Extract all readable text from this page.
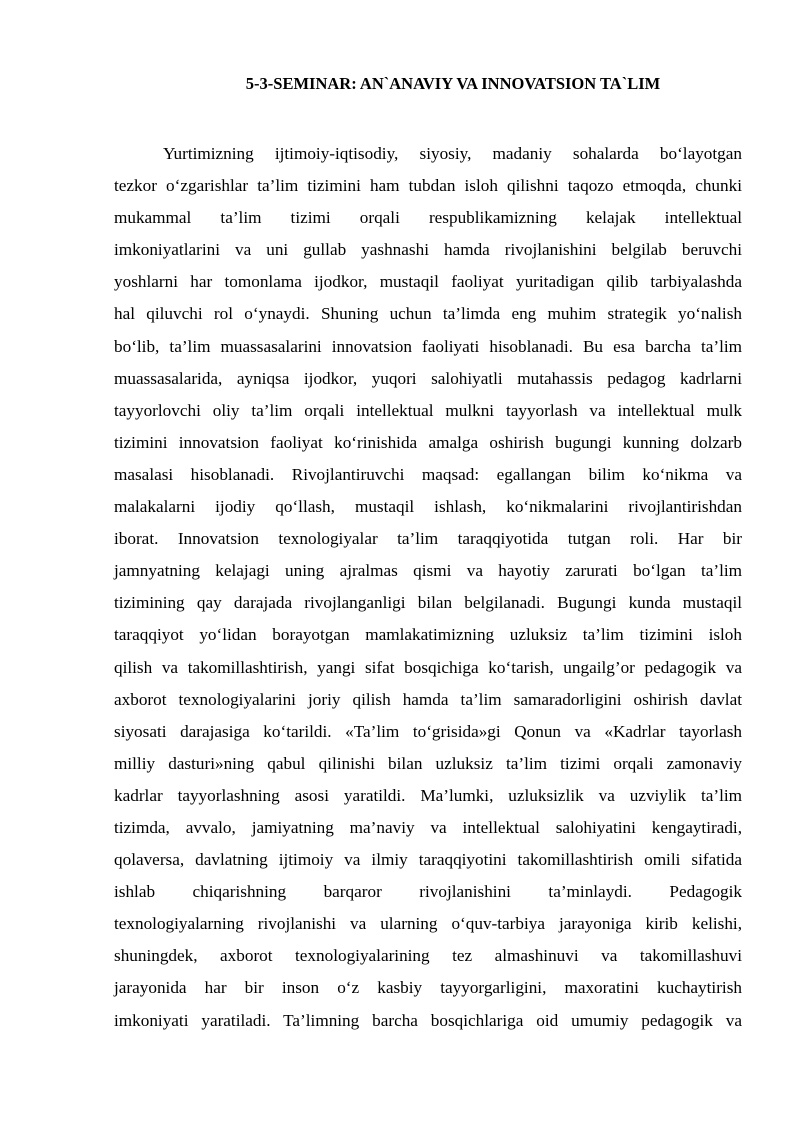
5-3-SEMINAR: AN`ANAVIY VA INNOVATSION TA`LIM
Yurtimizning ijtimoiy-iqtisodiy, siyosiy, madaniy sohalarda bo‘layotgan
tezkor o‘zgarishlar ta’lim tizimini ham tubdan isloh qilishni taqozo etmoqda, chunki
mukammal ta’lim tizimi orqali respublikamizning kelajak intellektual
imkoniyatlarini va uni gullab yashnashi hamda rivojlanishini belgilab beruvchi
yoshlarni har tomonlama ijodkor, mustaqil faoliyat yuritadigan qilib tarbiyalashda
hal qiluvchi rol o‘ynaydi. Shuning uchun ta’limda eng muhim strategik yo‘nalish
bo‘lib, ta’lim muassasalarini innovatsion faoliyati hisoblanadi. Bu esa barcha ta’lim
muassasalarida, ayniqsa ijodkor, yuqori salohiyatli mutahassis pedagog kadrlarni
tayyorlovchi oliy ta’lim orqali intellektual mulkni tayyorlash va intellektual mulk
tizimini innovatsion faoliyat ko‘rinishida amalga oshirish bugungi kunning dolzarb
masalasi hisoblanadi. Rivojlantiruvchi maqsad: egallangan bilim ko‘nikma va
malakalarni ijodiy qo‘llash, mustaqil ishlash, ko‘nikmalarini rivojlantirishdan
iborat. Innovatsion texnologiyalar ta’lim taraqqiyotida tutgan roli. Har bir
jamnyatning kelajagi uning ajralmas qismi va hayotiy zarurati bo‘lgan ta’lim
tizimining qay darajada rivojlanganligi bilan belgilanadi. Bugungi kunda mustaqil
taraqqiyot yo‘lidan borayotgan mamlakatimizning uzluksiz ta’lim tizimini isloh
qilish va takomillashtirish, yangi sifat bosqichiga ko‘tarish, ungailg’or pedagogik va
axborot texnologiyalarini joriy qilish hamda ta’lim samaradorligini oshirish davlat
siyosati darajasiga ko‘tarildi. «Ta’lim to‘grisida»gi Qonun va «Kadrlar tayorlash
milliy dasturi»ning qabul qilinishi bilan uzluksiz ta’lim tizimi orqali zamonaviy
kadrlar tayyorlashning asosi yaratildi. Ma’lumki, uzluksizlik va uzviylik ta’lim
tizimda, avvalo, jamiyatning ma’naviy va intellektual salohiyatini kengaytiradi,
qolaversa, davlatning ijtimoiy va ilmiy taraqqiyotini takomillashtirish omili sifatida
ishlab chiqarishning barqaror rivojlanishini ta’minlaydi. Pedagogik
texnologiyalarning rivojlanishi va ularning o‘quv-tarbiya jarayoniga kirib kelishi,
shuningdek, axborot texnologiyalarining tez almashinuvi va takomillashuvi
jarayonida har bir inson o‘z kasbiy tayyorgarligini, maxoratini kuchaytirish
imkoniyati yaratiladi. Ta’limning barcha bosqichlariga oid umumiy pedagogik va
